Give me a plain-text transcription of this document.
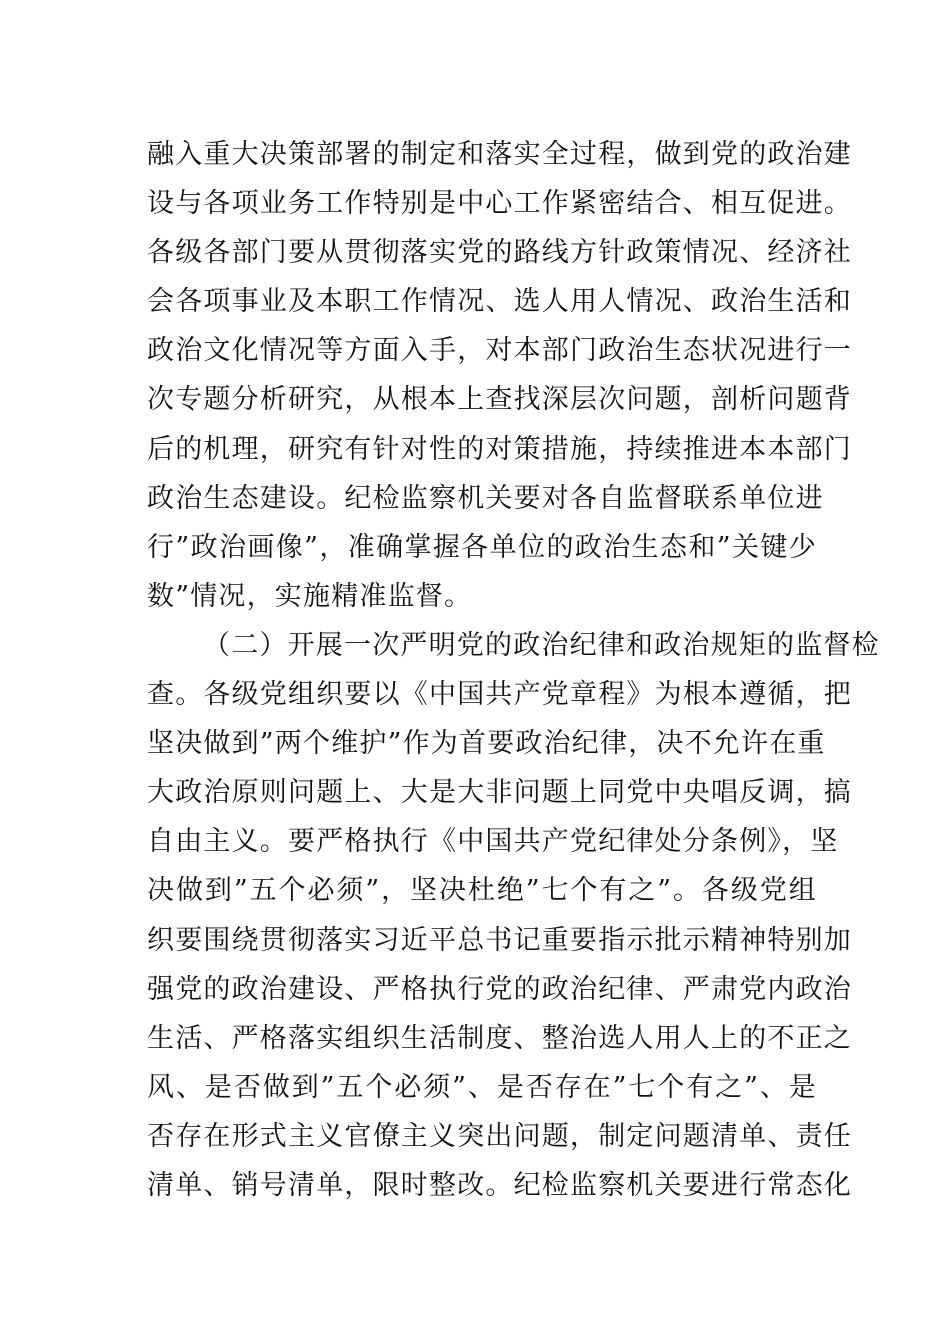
融入重大决策部署的制定和落实全过程，做到党的政治建
设与各项业务工作特别是中心工作紧密结合、相互促进。
各级各部门要从贯彻落实党的路线方针政策情况、经济社
会各项事业及本职工作情况、选人用人情况、政治生活和
政治文化情况等方面入手，对本部门政治生态状况进行一
次专题分析研究，从根本上查找深层次问题，剖析问题背
后的机理，研究有针对性的对策措施，持续推进本本部门
政治生态建设。纪检监察机关要对各自监督联系单位进
行”政治画像”，准确掌握各单位的政治生态和”关键少
数”情况，实施精准监督。
（二）开展一次严明党的政治纪律和政治规矩的监督检
查。各级党组织要以《中国共产党章程》为根本遵循，把
坚决做到”两个维护”作为首要政治纪律，决不允许在重
大政治原则问题上、大是大非问题上同党中央唱反调，搞
自由主义。要严格执行《中国共产党纪律处分条例》，坚
决做到”五个必须”，坚决杜绝”七个有之”。各级党组
织要围绕贯彻落实习近平总书记重要指示批示精神特别加
强党的政治建设、严格执行党的政治纪律、严肃党内政治
生活、严格落实组织生活制度、整治选人用人上的不正之
风、是否做到”五个必须”、是否存在”七个有之”、是
否存在形式主义官僚主义突出问题，制定问题清单、责任
清单、销号清单，限时整改。纪检监察机关要进行常态化
